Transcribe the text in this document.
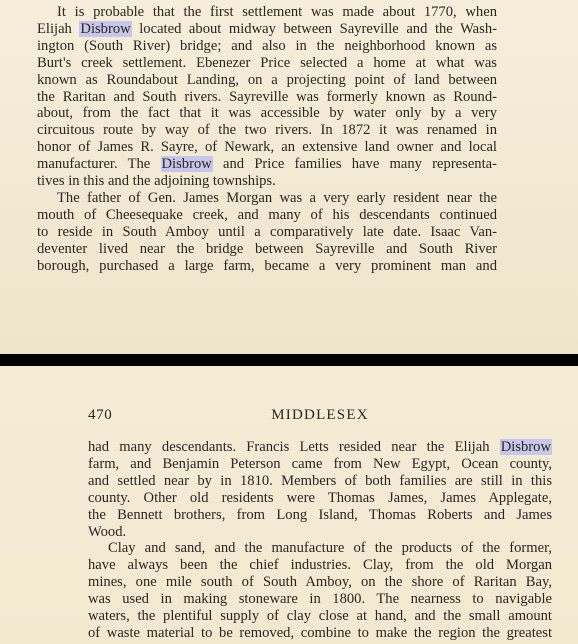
It is probable that the first settlement was made about 1770, when
Elijah Disbrow located about midway between Sayreville and the Wash-
ington (South River) bridge; and also in the neighborhood known as
Burt's creek settlement. Ebenezer Price selected a home at what was
known as Roundabout Landing, on a projecting point of land between
the Raritan and South rivers. Sayreville was formerly known as Round-
about, from the fact that it was accessible by water only by a very
circuitous route by way of the two rivers. In 1872 it was renamed in
honor of James R. Sayre, of Newark, an extensive land owner and local
manufacturer. The Disbrow and Price families have many representa-
tives in this and the adjoining townships.
The father of Gen. James Morgan was a very early resident near the
mouth of Cheesequake creek, and many of his descendants continued
to reside in South Amboy until a comparatively late date. Isaac Van-
deventer lived near the bridge between Sayreville and South River
borough, purchased a large farm, became a very prominent man and
470	MIDDLESEX
had many descendants. Francis Letts resided near the Elijah Disbrow
farm, and Benjamin Peterson came from New Egypt, Ocean county,
and settled near by in 1810. Members of both families are still in this
county. Other old residents were Thomas James, James Applegate,
the Bennett brothers, from Long Island, Thomas Roberts and James
Wood.
Clay and sand, and the manufacture of the products of the former,
have always been the chief industries. Clay, from the old Morgan
mines, one mile south of South Amboy, on the shore of Raritan Bay,
was used in making stoneware in 1800. The nearness to navigable
waters, the plentiful supply of clay close at hand, and the small amount
of waste material to be removed, combine to make the region the greatest
